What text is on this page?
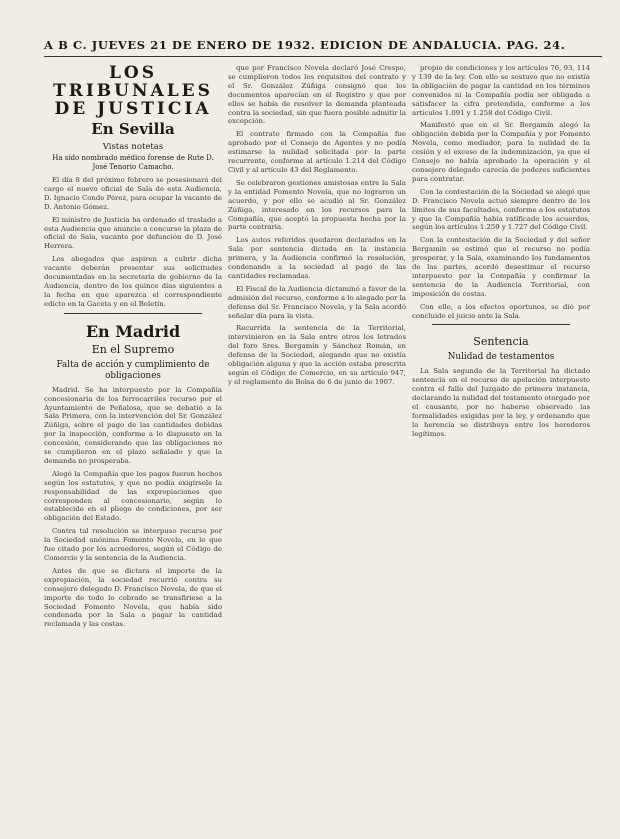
A B C. JUEVES 21 DE ENERO DE 1932. EDICION DE ANDALUCIA. PAG. 24.
LOS TRIBUNALES
DE JUSTICIA
En Sevilla
Vistas notetas
Ha sido nombrado médico forense de Rute D. José Tenorio Camacho.

El día 8 del próximo febrero se posesionará del cargo el nuevo oficial de Sala de esta Audiencia, D. Ignacio Conde Pérez, para ocupar la vacante de D. Antonio Gómez.

El ministro de Justicia ha ordenado el traslado a esta Audiencia que anuncie a concurso la plaza de oficial de Sala, vacante por defunción de D. José Herrera.

Los abogados que aspiren a cubrir dicha vacante deberán presentar sus solicitudes documentadas en la secretaría de gobierno de la Audiencia, dentro de los quince días siguientes a la fecha en que aparezca el correspondiente edicto en la Gaceta y en el Boletín.

En Madrid
En el Supremo
Falta de acción y cumplimiento de obligaciones

Madrid. Se ha interpuesto por la Compañía concesionaria de los ferrocarriles recurso por el Ayuntamiento de Peñalosa, que se debatió a la Sala Primera, con la intervención del Sr. González Zúñiga, sobre el pago de las cantidades debidas por la inspección, conforme a lo dispuesto en la concesión, considerando que las obligaciones no se cumplieron en el plazo señalado y que la demanda no prosperaba.

Alegó la Compañía que los pagos fueron hechos según los estatutos, y que no podía exigírsele la responsabilidad de las expropiaciones que corresponden al concesionario, según lo establecido en el pliego de condiciones, por ser obligación del Estado.

Contra tal resolución se interpuso recurso por la Sociedad anónima Fomento Novela, en lo que fue citado por los acreedores, según el Código de Comercio y la sentencia de la Audiencia.

Antes de que se dictara el importe de la expropiación, la sociedad recurrió contra su consejero delegado D. Francisco Novela, de que el importe de todo lo cobrado se transfiriese a la Sociedad Fomento Novela, que había sido condenada por la Sala a pagar la cantidad reclamada y las costas.

que por Francisco Novela declaró José Crespo, se cumplieron todos los requisitos del contrato y el Sr. González Zúñiga consignó que los documentos aparecían en el Registro y que por ellos se había de resolver la demanda planteada contra la sociedad, sin que fuera posible admitir la excepción.

El contrato firmado con la Compañía fue aprobado por el Consejo de Agentes y no podía estimarse la nulidad solicitada por la parte recurrente, conforme al artículo 1.214 del Código Civil y al artículo 43 del Reglamento.

Se celebraron gestiones amistosas entre la Sala y la entidad Fomento Novela, que no lograron un acuerdo, y por ello se acudió al Sr. González Zúñiga, interesado en los recursos para la Compañía, que aceptó la propuesta hecha por la parte contraria.

Los autos referidos quedaron declarados en la Sala por sentencia dictada en la instancia primera, y la Audiencia confirmó la resolución, condenando a la sociedad al pago de las cantidades reclamadas.

El Fiscal de la Audiencia dictaminó a favor de la admisión del recurso, conforme a lo alegado por la defensa del Sr. Francisco Novela, y la Sala acordó señalar día para la vista.

Recurrida la sentencia de la Territorial, intervinieron en la Sala entre otros los letrados del foro Sres. Bergamín y Sánchez Román, en defensa de la Sociedad, alegando que no existía obligación alguna y que la acción estaba prescrita según el Código de Comercio, en su artículo 947, y el reglamento de Bolsa de 6 de junio de 1907.

propio de condiciones y los artículos 76, 93, 114 y 139 de la ley. Con ello se sostuvo que no existía la obligación de pagar la cantidad en los términos convenidos ni la Compañía podía ser obligada a satisfacer la cifra pretendida, conforme a los artículos 1.091 y 1.258 del Código Civil.

Manifestó que en el Sr. Bergamín alegó la obligación debida por la Compañía y por Fomento Novela, como mediador, para la nulidad de la cesión y el exceso de la indemnización, ya que el Consejo no había aprobado la operación y el consejero delegado carecía de poderes suficientes para contratar.

Con la contestación de la Sociedad se alegó que D. Francisco Novela actuó siempre dentro de los límites de sus facultades, conforme a los estatutos y que la Compañía había ratificado los acuerdos, según los artículos 1.259 y 1.727 del Código Civil.

Con la contestación de la Sociedad y del señor Bergamín se estimó que el recurso no podía prosperar, y la Sala, examinando los fundamentos de las partes, acordó desestimar el recurso interpuesto por la Compañía y confirmar la sentencia de la Audiencia Territorial, con imposición de costas.

Con ello, a los efectos oportunos, se dió por concluido el juicio ante la Sala.

Sentencia
Nulidad de testamentos

La Sala segunda de la Territorial ha dictado sentencia en el recurso de apelación interpuesto contra el fallo del Juzgado de primera instancia, declarando la nulidad del testamento otorgado por el causante, por no haberse observado las formalidades exigidas por la ley, y ordenando que la herencia se distribuya entre los herederos legítimos.
